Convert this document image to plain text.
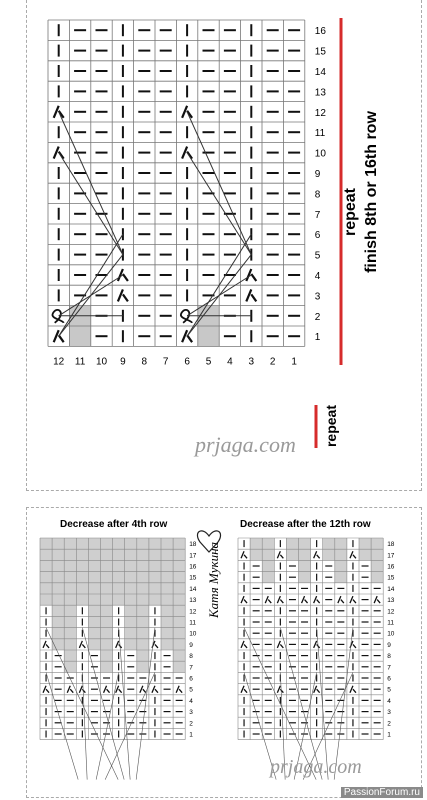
1
2
3
4
5
6
7
8
9
10
11
12
13
14
15
16
12 11 10 9 8 7 6 5 4 3 2 1
repeat finish 8th or 16th row
repeat
1
2
3
4
5
6
7
8
9
10
11
12
13
14
15
16
17
18
1
2
3
4
5
6
7
8
9
10
11
12
13
14
15
16
17
18
Decrease after 4th row	Decrease after the 12th row
Катя Мукина
prjaga.com
prjaga.com
PassionForum.ru
